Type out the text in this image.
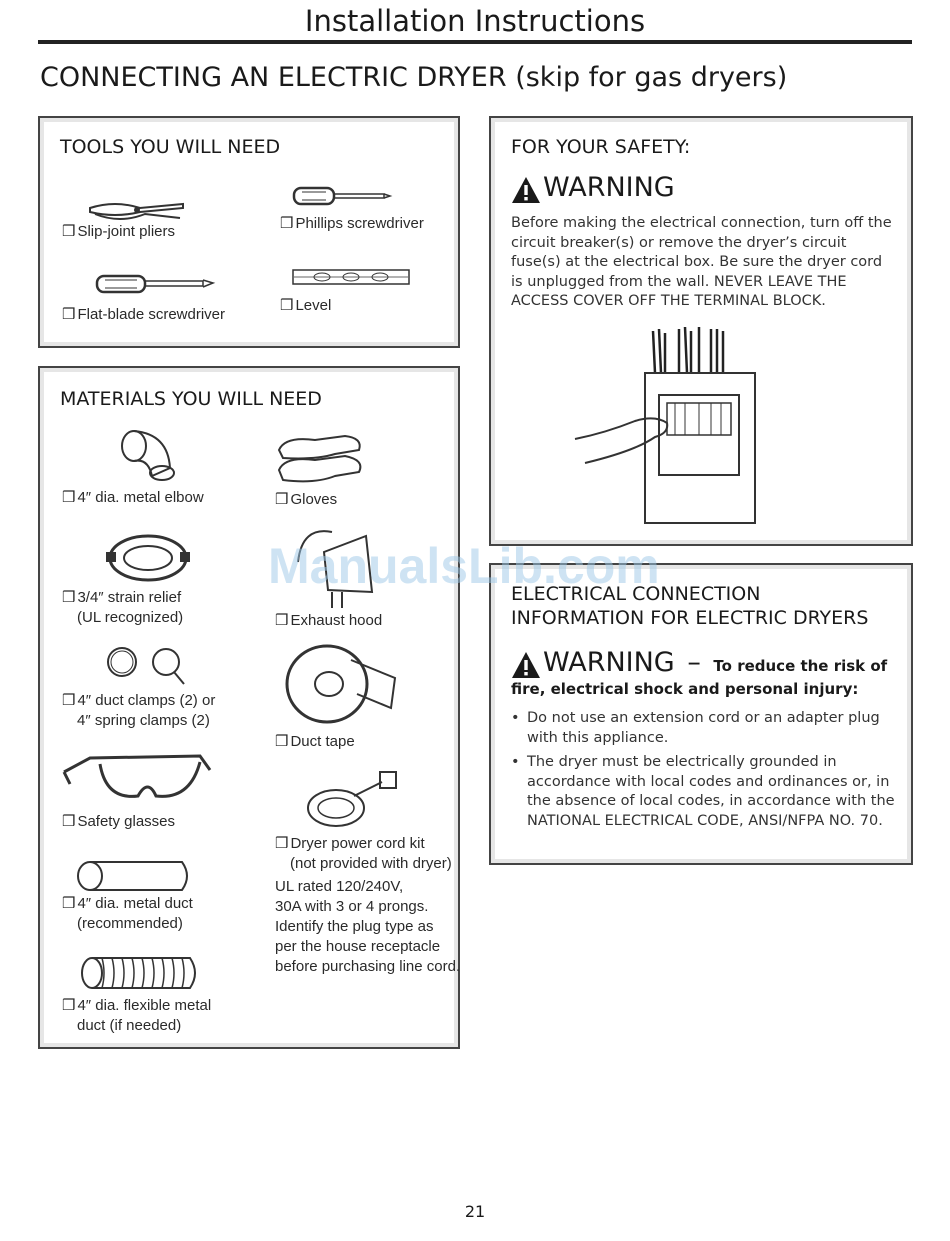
Installation Instructions
CONNECTING AN ELECTRIC DRYER (skip for gas dryers)
TOOLS YOU WILL NEED
❒ Slip-joint pliers	❒ Phillips screwdriver
❒ Flat-blade screwdriver
❒ Level
MATERIALS YOU WILL NEED
❒ 4″ dia. metal elbow	❒ Gloves
❒ 3/4″ strain relief
(UL recognized)	❒ Exhaust hood
❒ 4″ duct clamps (2) or
4″ spring clamps (2)
❒ Duct tape
❒ Safety glasses
❒ Dryer power cord kit
(not provided with dryer)
UL rated 120/240V,
30A with 3 or 4 prongs.
Identify the plug type as
per the house receptacle
before purchasing line cord.
❒ 4″ dia. metal duct
(recommended)
❒ 4″ dia. flexible metal
duct (if needed)
FOR YOUR SAFETY:
WARNING
Before making the electrical connection, turn off the circuit breaker(s) or remove the dryer’s circuit fuse(s) at the electrical box. Be sure the dryer cord is unplugged from the wall. NEVER LEAVE THE ACCESS COVER OFF THE TERMINAL BLOCK.
ELECTRICAL CONNECTION
INFORMATION FOR ELECTRIC DRYERS
WARNING – To reduce the risk of
fire, electrical shock and personal injury:
• Do not use an extension cord or an adapter plug with this appliance.
• The dryer must be electrically grounded in accordance with local codes and ordinances or, in the absence of local codes, in accordance with the NATIONAL ELECTRICAL CODE, ANSI/NFPA NO. 70.
ManualsLib.com
21
